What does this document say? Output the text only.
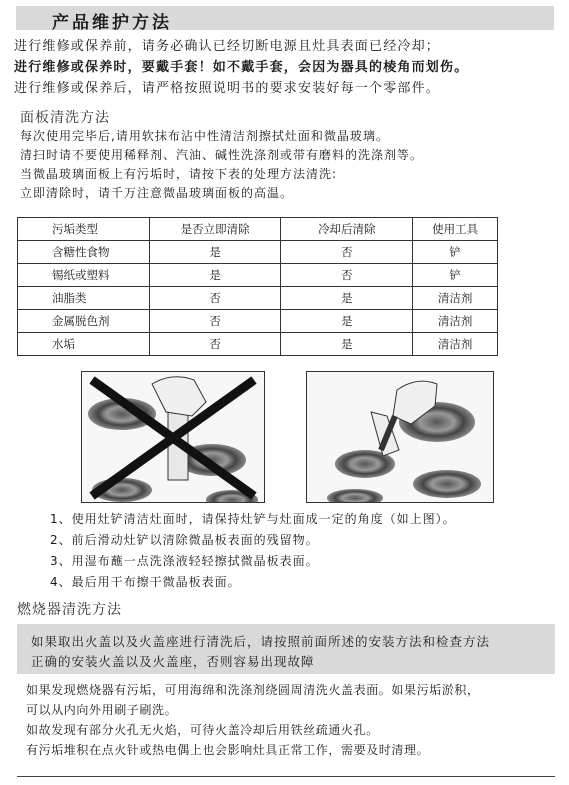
产品维护方法
进行维修或保养前，请务必确认已经切断电源且灶具表面已经冷却；
进行维修或保养时，要戴手套！如不戴手套，会因为器具的棱角而划伤。
进行维修或保养后，请严格按照说明书的要求安装好每一个零部件。
面板清洗方法
每次使用完毕后,请用软抹布沾中性清洁剂擦拭灶面和微晶玻璃。
清扫时请不要使用稀释剂、汽油、碱性洗涤剂或带有磨料的洗涤剂等。
当微晶玻璃面板上有污垢时，请按下表的处理方法清洗:
立即清除时，请千万注意微晶玻璃面板的高温。
污垢类型	是否立即清除	冷却后清除	使用工具
含糖性食物	是	否	铲
锡纸或塑料	是	否	铲
油脂类	否	是	清洁剂
金属脱色剂	否	是	清洁剂
水垢	否	是	清洁剂
1、使用灶铲清洁灶面时，请保持灶铲与灶面成一定的角度（如上图）。
2、前后滑动灶铲以清除微晶板表面的残留物。
3、用湿布蘸一点洗涤液轻轻擦拭微晶板表面。
4、最后用干布擦干微晶板表面。
燃烧器清洗方法
如果取出火盖以及火盖座进行清洗后，请按照前面所述的安装方法和检查方法
正确的安装火盖以及火盖座，否则容易出现故障
如果发现燃烧器有污垢，可用海绵和洗涤剂绕圆周清洗火盖表面。如果污垢淤积，
可以从内向外用刷子刷洗。
如故发现有部分火孔无火焰，可待火盖冷却后用铁丝疏通火孔。
有污垢堆积在点火针或热电偶上也会影响灶具正常工作，需要及时清理。
